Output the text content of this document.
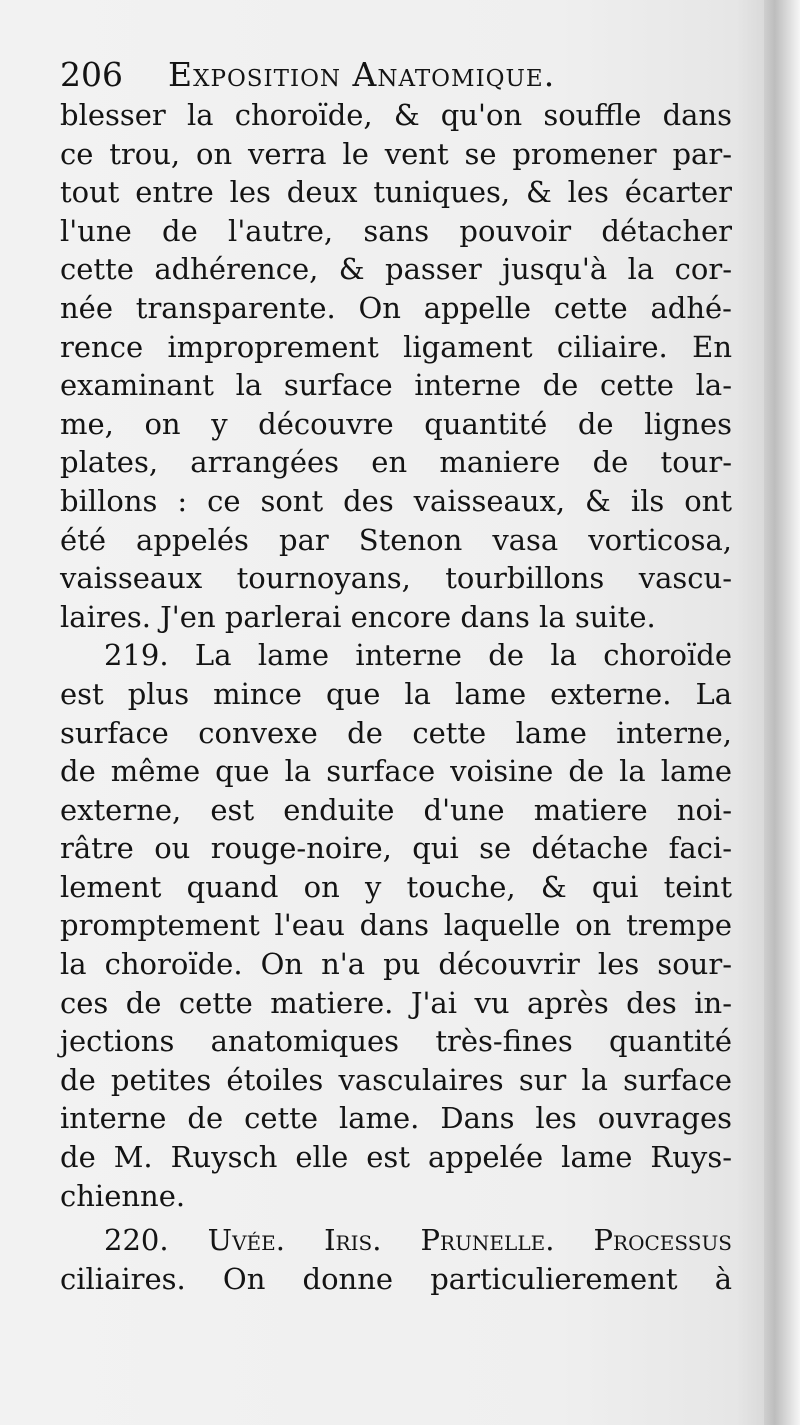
206 Exposition Anatomique.
blesser la choroïde, & qu'on souffle dans
ce trou, on verra le vent se promener par-
tout entre les deux tuniques, & les écarter
l'une de l'autre, sans pouvoir détacher
cette adhérence, & passer jusqu'à la cor-
née transparente. On appelle cette adhé-
rence improprement ligament ciliaire. En
examinant la surface interne de cette la-
me, on y découvre quantité de lignes
plates, arrangées en maniere de tour-
billons : ce sont des vaisseaux, & ils ont
été appelés par Stenon vasa vorticosa,
vaisseaux tournoyans, tourbillons vascu-
laires. J'en parlerai encore dans la suite.
219. La lame interne de la choroïde
est plus mince que la lame externe. La
surface convexe de cette lame interne,
de même que la surface voisine de la lame
externe, est enduite d'une matiere noi-
râtre ou rouge-noire, qui se détache faci-
lement quand on y touche, & qui teint
promptement l'eau dans laquelle on trempe
la choroïde. On n'a pu découvrir les sour-
ces de cette matiere. J'ai vu après des in-
jections anatomiques très-fines quantité
de petites étoiles vasculaires sur la surface
interne de cette lame. Dans les ouvrages
de M. Ruysch elle est appelée lame Ruys-
chienne.
220. Uvée. Iris. Prunelle. Processus
ciliaires. On donne particulierement à
